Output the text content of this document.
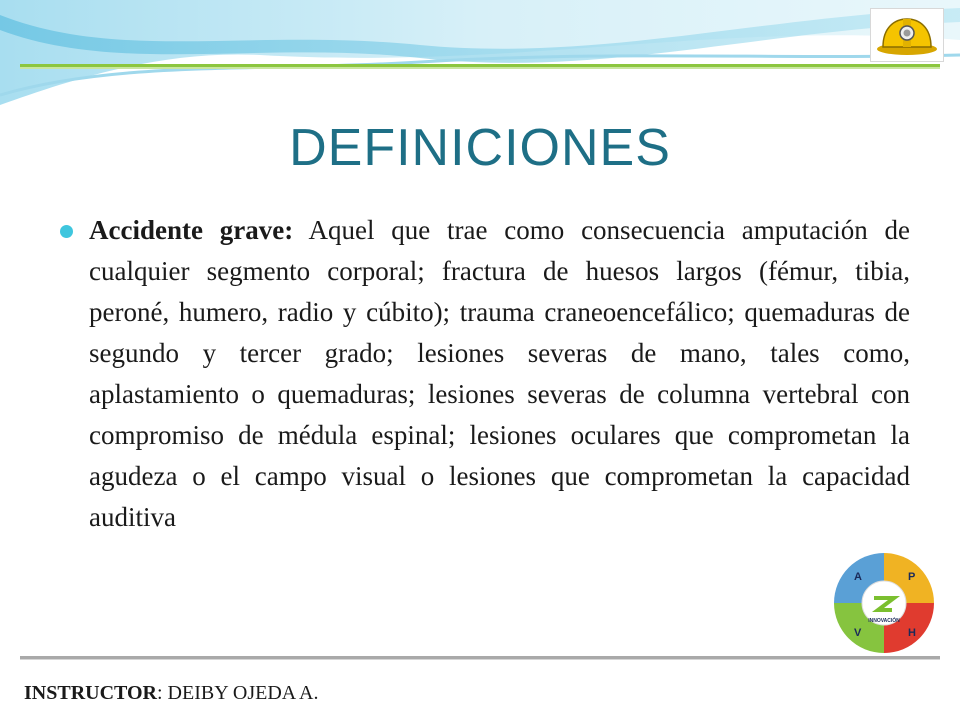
DEFINICIONES

Accidente grave: Aquel que trae como consecuencia amputación de cualquier segmento corporal; fractura de huesos largos (fémur, tibia, peroné, humero, radio y cúbito); trauma craneoencefálico; quemaduras de segundo y tercer grado; lesiones severas de mano, tales como, aplastamiento o quemaduras; lesiones severas de columna vertebral con compromiso de médula espinal; lesiones oculares que comprometan la agudeza o el campo visual o lesiones que comprometan la capacidad auditiva

A	P
V	H
INNOVACIÓN
INSTRUCTOR: DEIBY OJEDA A.
